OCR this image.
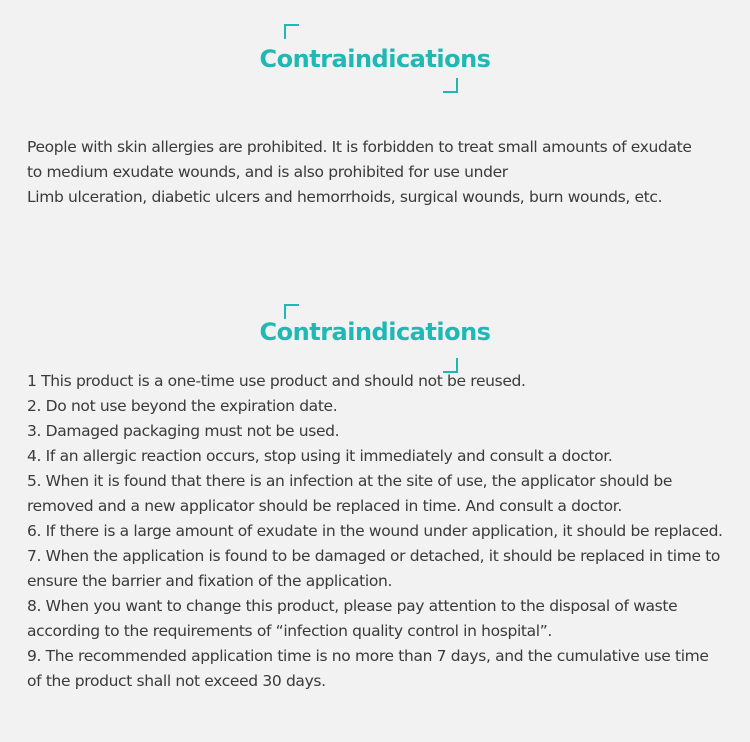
Contraindications

People with skin allergies are prohibited. It is forbidden to treat small amounts of exudate
to medium exudate wounds, and is also prohibited for use under
Limb ulceration, diabetic ulcers and hemorrhoids, surgical wounds, burn wounds, etc.

Contraindications
1 This product is a one-time use product and should not be reused.
2. Do not use beyond the expiration date.
3. Damaged packaging must not be used.
4. If an allergic reaction occurs, stop using it immediately and consult a doctor.
5. When it is found that there is an infection at the site of use, the applicator should be removed and a new applicator should be replaced in time. And consult a doctor.
6. If there is a large amount of exudate in the wound under application, it should be replaced.
7. When the application is found to be damaged or detached, it should be replaced in time to ensure the barrier and fixation of the application.
8. When you want to change this product, please pay attention to the disposal of waste according to the requirements of “infection quality control in hospital”.
9. The recommended application time is no more than 7 days, and the cumulative use time of the product shall not exceed 30 days.
